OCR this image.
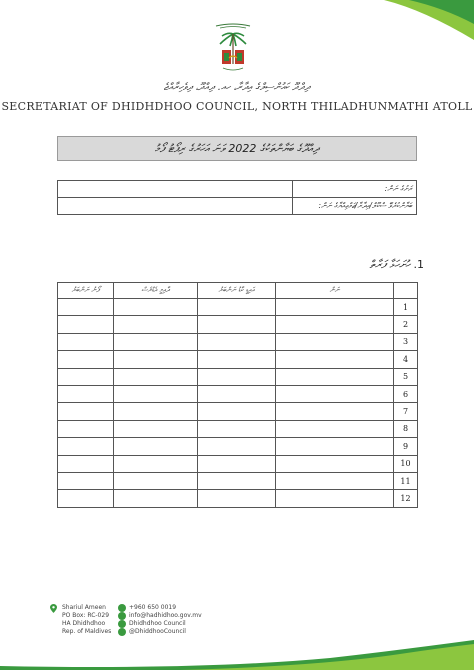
ދިދްދޫ ކައުންސިލްގެ އިދާރާ، ހއ. ދިއްދޫ، ދިވެހިރާއްޖެ
SECRETARIAT OF DHIDHDHOO COUNCIL, NORTH THILADHUNMATHI ATOLL
ދިއްދޫގެ ބަޔާންތަކުގެ 2022 ވަނަ އަހަރުގެ ރިޕޯޓު ފޯމު
	ރަށުގެ ނަން:
	ބަޔާންކުރެވޭ ސްކޫލް/އިދާރާ/ޖަމްޢިއްޔާގެ ނަން:
1. ހުށަހަޅާ ފަރާތް
ފޯނު ނަންބަރު	ދާއިމީ އެޑްރެސް	އައިޑީ ކާޑު ނަންބަރު	ނަން	
				1
				2
				3
				4
				5
				6
				7
				8
				9
				10
				11
				12
Shariul Ameen
PO Box: RC-029
HA Dhidhdhoo
Rep. of Maldives
+960 650 0019
info@hadhidhoo.gov.mv
Dhidhdhoo Council
@DhiddhooCouncil
